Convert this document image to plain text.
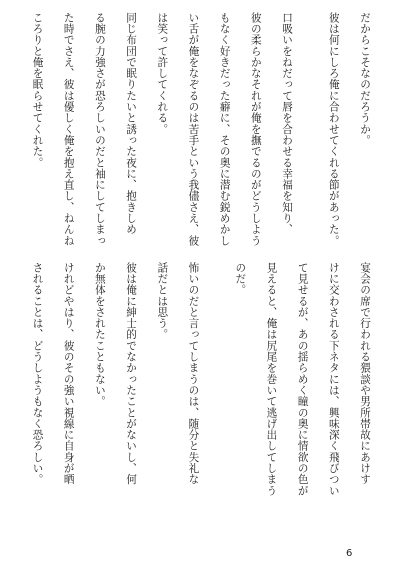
だからこそなのだろうか。

彼は何にしろ俺に合わせてくれる節があった。

口吸いをねだって唇を合わせる幸福を知り、

彼の柔らかなそれが俺を撫でるのがどうしよう

もなく好きだった癖に、その奥に潜む鋭めかし

い舌が俺をなぞるのは苦手という我儘さえ、彼

は笑って許してくれる。

同じ布団で眠りたいと誘った夜に、抱きしめ

る腕の力強さが恐ろしいのだと袖にしてしまっ

た時でさえ、彼は優しく俺を抱え直し、ねんね

ころりと俺を眠らせてくれた。

宴会の席で行われる猥談や男所帯故にあけす

けに交わされる下ネタには、興味深く飛びつい

て見せるが、あの揺らめく瞳の奥に情欲の色が

見えると、俺は尻尾を巻いて逃げ出してしまう

のだ。

怖いのだと言ってしまうのは、随分と失礼な

話だとは思う。

彼は俺に紳士的でなかったことがないし、何

か無体をされたこともない。

けれどやはり、彼のその強い視線に自身が晒

されることは、どうしようもなく恐ろしい。

6
